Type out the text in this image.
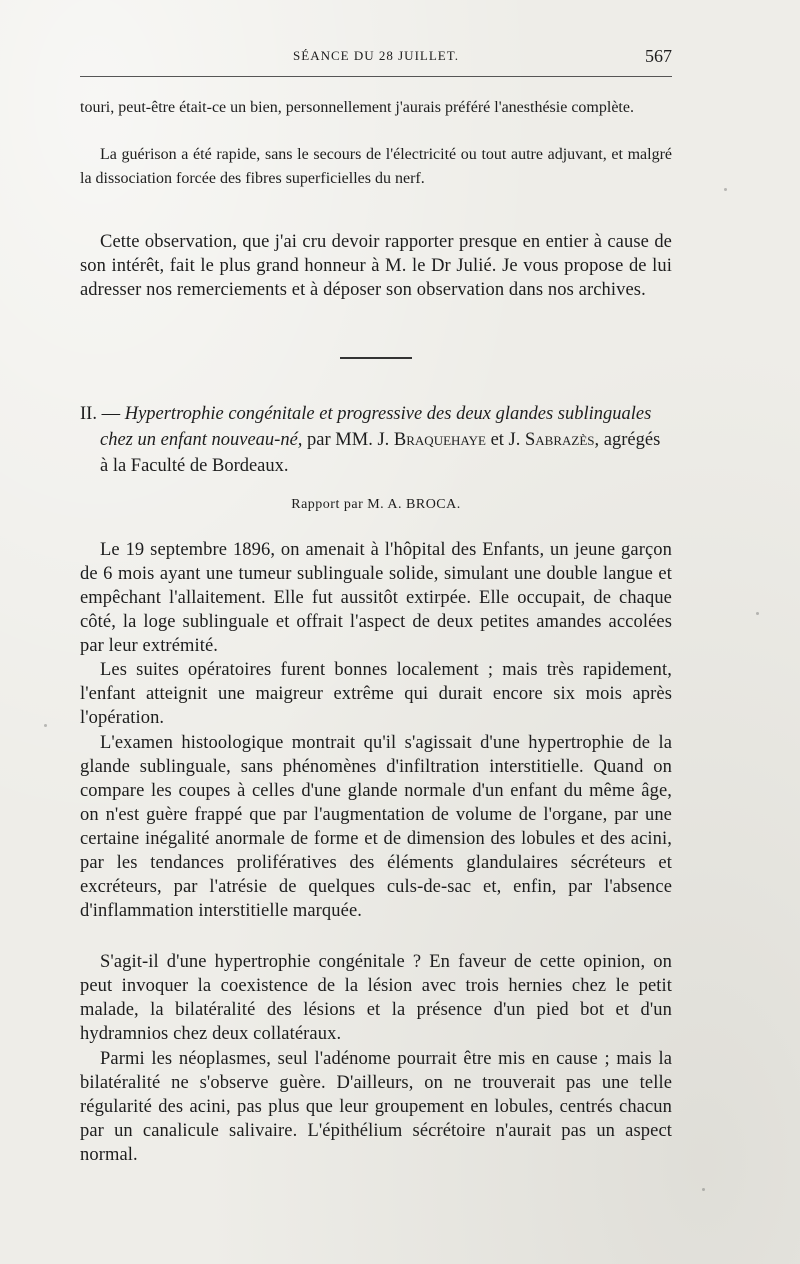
SÉANCE DU 28 JUILLET.	567

touri, peut-être était-ce un bien, personnellement j'aurais préféré l'anesthésie complète.

La guérison a été rapide, sans le secours de l'électricité ou tout autre adjuvant, et malgré la dissociation forcée des fibres superficielles du nerf.

Cette observation, que j'ai cru devoir rapporter presque en entier à cause de son intérêt, fait le plus grand honneur à M. le Dr Julié. Je vous propose de lui adresser nos remerciements et à déposer son observation dans nos archives.

II. — Hypertrophie congénitale et progressive des deux glandes sublinguales chez un enfant nouveau-né, par MM. J. Braquehaye et J. Sabrazès, agrégés à la Faculté de Bordeaux.
Rapport par M. A. BROCA.

Le 19 septembre 1896, on amenait à l'hôpital des Enfants, un jeune garçon de 6 mois ayant une tumeur sublinguale solide, simulant une double langue et empêchant l'allaitement. Elle fut aussitôt extirpée. Elle occupait, de chaque côté, la loge sublinguale et offrait l'aspect de deux petites amandes accolées par leur extrémité.

Les suites opératoires furent bonnes localement ; mais très rapidement, l'enfant atteignit une maigreur extrême qui durait encore six mois après l'opération.

L'examen histoologique montrait qu'il s'agissait d'une hypertrophie de la glande sublinguale, sans phénomènes d'infiltration interstitielle. Quand on compare les coupes à celles d'une glande normale d'un enfant du même âge, on n'est guère frappé que par l'augmentation de volume de l'organe, par une certaine inégalité anormale de forme et de dimension des lobules et des acini, par les tendances prolifératives des éléments glandulaires sécréteurs et excréteurs, par l'atrésie de quelques culs-de-sac et, enfin, par l'absence d'inflammation interstitielle marquée.

S'agit-il d'une hypertrophie congénitale ? En faveur de cette opinion, on peut invoquer la coexistence de la lésion avec trois hernies chez le petit malade, la bilatéralité des lésions et la présence d'un pied bot et d'un hydramnios chez deux collatéraux.

Parmi les néoplasmes, seul l'adénome pourrait être mis en cause ; mais la bilatéralité ne s'observe guère. D'ailleurs, on ne trouverait pas une telle régularité des acini, pas plus que leur groupement en lobules, centrés chacun par un canalicule salivaire. L'épithélium sécrétoire n'aurait pas un aspect normal.
